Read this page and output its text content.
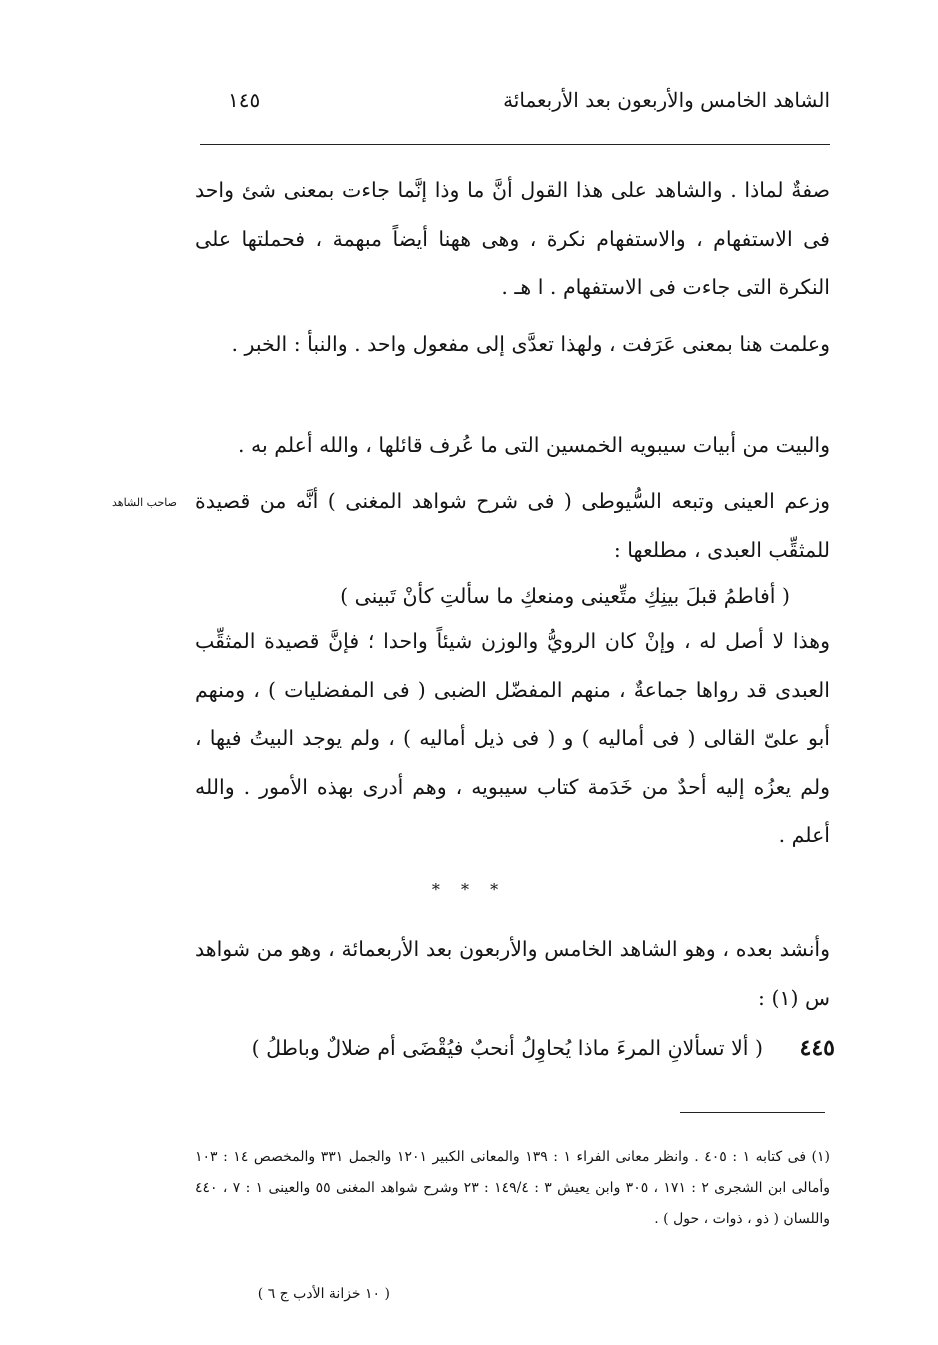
الشاهد الخامس والأربعون بعد الأربعمائة
١٤٥

صفةٌ لماذا . والشاهد على هذا القول أنَّ ما وذا إنَّما جاءت بمعنى شئ واحد فى الاستفهام ، والاستفهام نكرة ، وهى ههنا أيضاً مبهمة ، فحملتها على النكرة التى جاءت فى الاستفهام . ا هـ .

وعلمت هنا بمعنى عَرَفت ، ولهذا تعدَّى إلى مفعول واحد . والنبأ : الخبر .

والبيت من أبيات سيبويه الخمسين التى ما عُرف قائلها ، والله أعلم به .

وزعم العينى وتبعه السُّيوطى ( فى شرح شواهد المغنى ) أنَّه من قصيدة للمثقِّب العبدى ، مطلعها :

صاحب الشاهد
( أفاطمُ قبلَ بينِكِ متِّعينى ومنعكِ ما سألتِ كأنْ تَبينى )

وهذا لا أصل له ، وإنْ كان الرويُّ والوزن شيئاً واحدا ؛ فإنَّ قصيدة المثقِّب العبدى قد رواها جماعةٌ ، منهم المفضّل الضبى ( فى المفضليات ) ، ومنهم أبو علىّ القالى ( فى أماليه ) و ( فى ذيل أماليه ) ، ولم يوجد البيتُ فيها ، ولم يعزُه إليه أحدٌ من خَدَمة كتاب سيبويه ، وهم أدرى بهذه الأمور . والله أعلم .

* * *

وأنشد بعده ، وهو الشاهد الخامس والأربعون بعد الأربعمائة ، وهو من شواهد س (١) :

٤٤٥
( ألا تسألانِ المرءَ ماذا يُحاوِلُ أنحبٌ فيُقْضَى أم ضلالٌ وباطلُ )

(١) فى كتابه ١ : ٤٠٥ . وانظر معانى الفراء ١ : ١٣٩ والمعانى الكبير ١٢٠١ والجمل ٣٣١ والمخصص ١٤ : ١٠٣ وأمالى ابن الشجرى ٢ : ١٧١ ، ٣٠٥ وابن يعيش ٣ : ١٤٩/٤ : ٢٣ وشرح شواهد المغنى ٥٥ والعينى ١ : ٧ ، ٤٤٠ واللسان ( ذو ، ذوات ، حول ) .

( ١٠ خزانة الأدب ج ٦ )
